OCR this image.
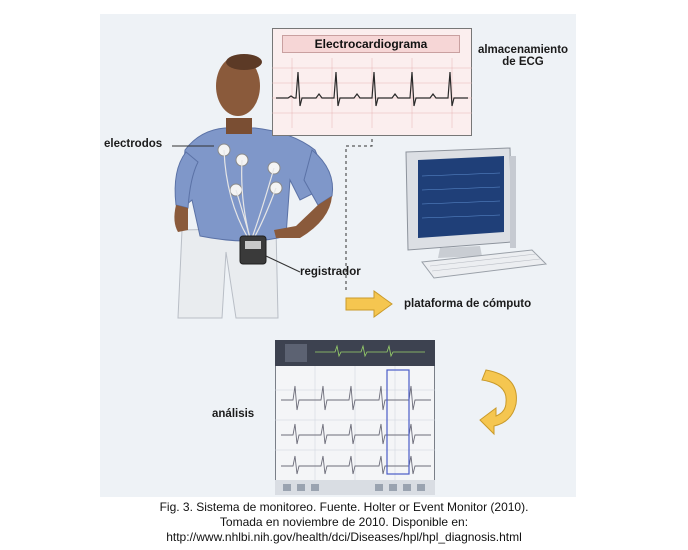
Electrocardiograma	almacenamiento
de ECG
electrodos
registrador
plataforma de cómputo
análisis
Fig. 3. Sistema de monitoreo. Fuente. Holter or Event Monitor (2010).
Tomada en noviembre de 2010. Disponible en:
http://www.nhlbi.nih.gov/health/dci/Diseases/hpl/hpl_diagnosis.html
